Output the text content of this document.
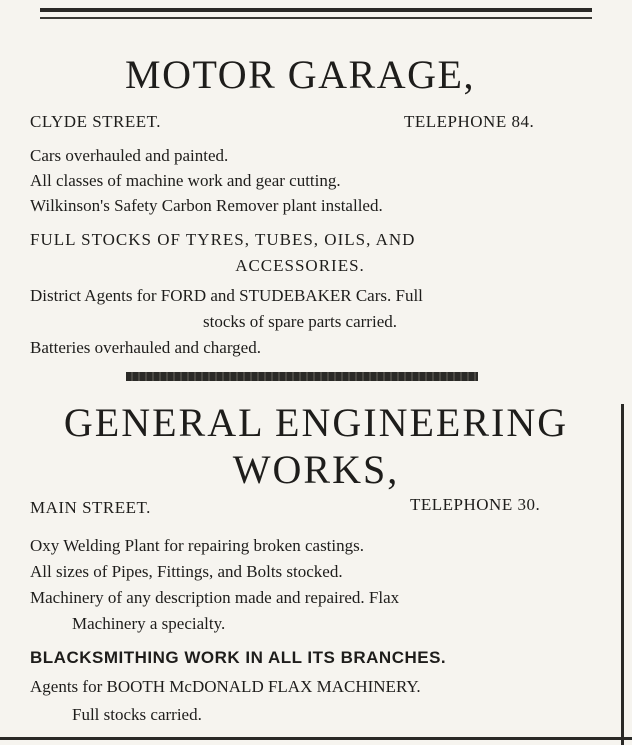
MOTOR GARAGE,

CLYDE STREET.	TELEPHONE 84.

Cars overhauled and painted.

All classes of machine work and gear cutting.

Wilkinson's Safety Carbon Remover plant installed.

FULL STOCKS OF TYRES, TUBES, OILS, AND

ACCESSORIES.

District Agents for FORD and STUDEBAKER Cars. Full

stocks of spare parts carried.

Batteries overhauled and charged.

GENERAL ENGINEERING

WORKS,

MAIN STREET.	TELEPHONE 30.

Oxy Welding Plant for repairing broken castings.

All sizes of Pipes, Fittings, and Bolts stocked.

Machinery of any description made and repaired. Flax

Machinery a specialty.

BLACKSMITHING WORK IN ALL ITS BRANCHES.

Agents for BOOTH McDONALD FLAX MACHINERY.

Full stocks carried.
